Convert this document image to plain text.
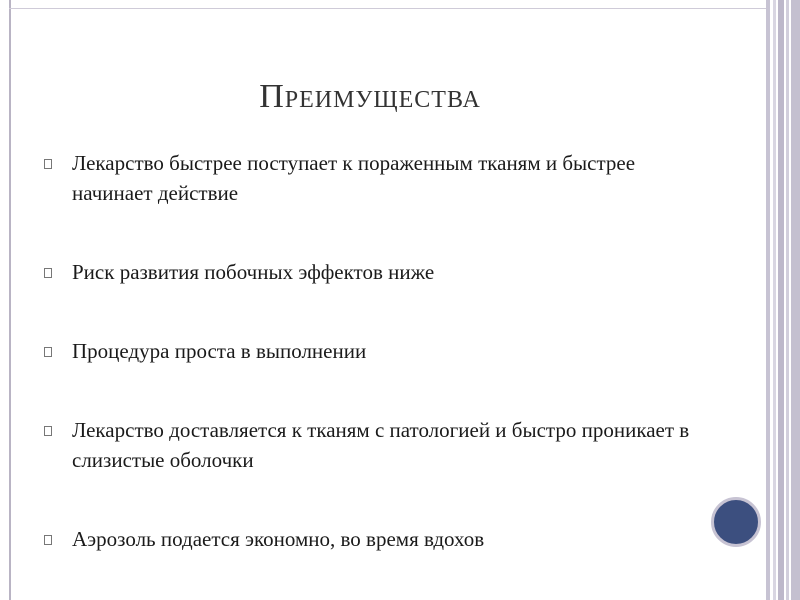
Преимущества
Лекарство быстрее поступает к пораженным тканям и быстрее начинает действие
Риск развития побочных эффектов ниже
Процедура проста в выполнении
Лекарство доставляется к тканям с патологией и быстро проникает в слизистые оболочки
Аэрозоль подается экономно, во время вдохов
